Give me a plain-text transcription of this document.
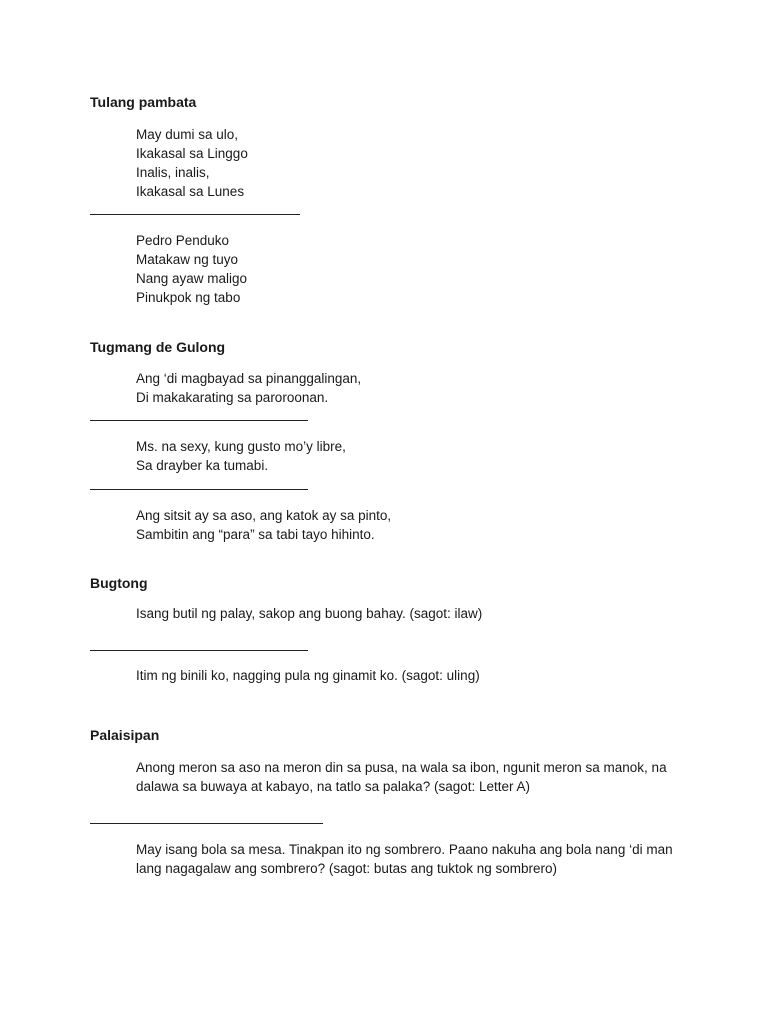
Tulang pambata
May dumi sa ulo,
Ikakasal sa Linggo
Inalis, inalis,
Ikakasal sa Lunes
Pedro Penduko
Matakaw ng tuyo
Nang ayaw maligo
Pinukpok ng tabo
Tugmang de Gulong
Ang ‘di magbayad sa pinanggalingan,
Di makakarating sa paroroonan.
Ms. na sexy, kung gusto mo’y libre,
Sa drayber ka tumabi.
Ang sitsit ay sa aso, ang katok ay sa pinto,
Sambitin ang “para” sa tabi tayo hihinto.
Bugtong
Isang butil ng palay, sakop ang buong bahay. (sagot: ilaw)
Itim ng binili ko, nagging pula ng ginamit ko. (sagot: uling)
Palaisipan
Anong meron sa aso na meron din sa pusa, na wala sa ibon, ngunit meron sa manok, na
dalawa sa buwaya at kabayo, na tatlo sa palaka? (sagot: Letter A)
May isang bola sa mesa. Tinakpan ito ng sombrero. Paano nakuha ang bola nang ‘di man
lang nagagalaw ang sombrero? (sagot: butas ang tuktok ng sombrero)
